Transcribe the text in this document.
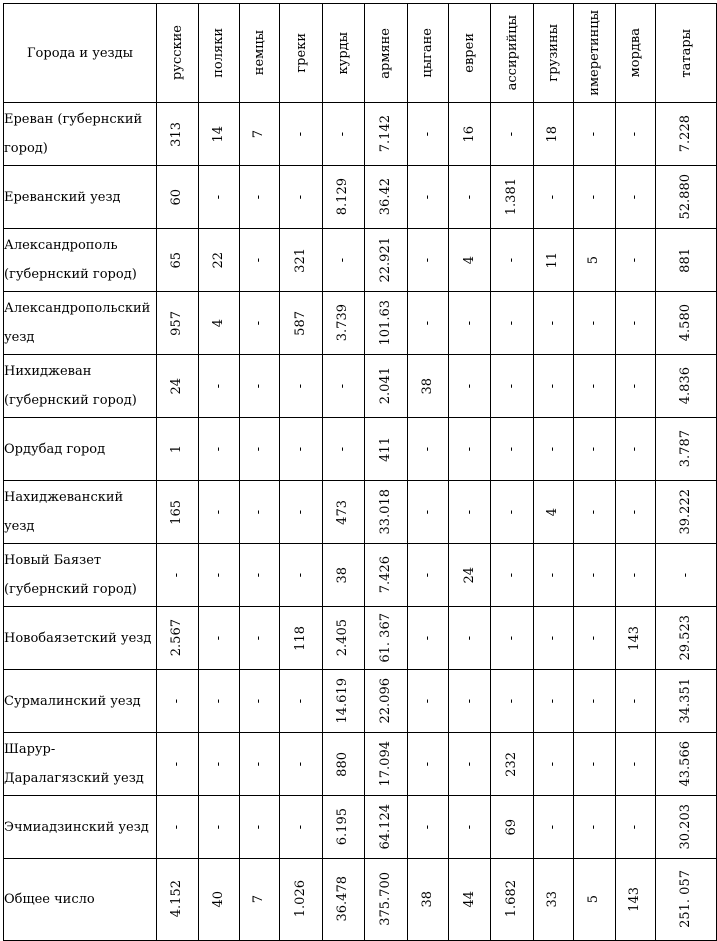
Города и уезды	русские	поляки	немцы	греки	курды	армяне	цыгане	евреи	ассирийцы	грузины	имеретинцы	мордва	татары

Ереван (губернский город)	313	14	7	-	-	7.142	-	16	-	18	-	-	7.228

Ереванский уезд	60	-	-	-	8.129	36.42	-	-	1.381	-	-	-	52.880

Александрополь (губернский город)	65	22	-	321	-	22.921	-	4	-	11	5	-	881

Александропольский уезд	957	4	-	587	3.739	101.63	-	-	-	-	-	-	4.580

Нихиджеван (губернский город)	24	-	-	-	-	2.041	38	-	-	-	-	-	4.836

Ордубад город	1	-	-	-	-	411	-	-	-	-	-	-	3.787

Нахиджеванский уезд	165	-	-	-	473	33.018	-	-	-	4	-	-	39.222

Новый Баязет (губернский город)	-	-	-	-	38	7.426	-	24	-	-	-	-	-

Новобаязетский уезд	2.567	-	-	118	2.405	61. 367	-	-	-	-	-	143	29.523

Сурмалинский уезд	-	-	-	-	14.619	22.096	-	-	-	-	-	-	34.351

Шарур-Даралагязский уезд	-	-	-	-	880	17.094	-	-	232	-	-	-	43.566

Эчмиадзинский уезд	-	-	-	-	6.195	64.124	-	-	69	-	-	-	30.203

Общее число	4.152	40	7	1.026	36.478	375.700	38	44	1.682	33	5	143	251. 057
